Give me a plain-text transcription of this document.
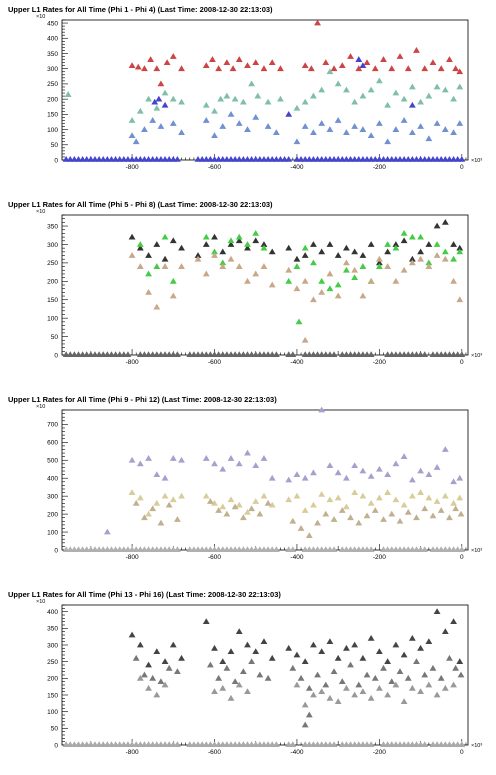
Upper L1 Rates for All Time (Phi 1 - Phi 4) (Last Time: 2008-12-30 22:13:03)
×10
×10³
0
50
100
150
200
250
300
350
400
450
-800	-600	-400	-200	0
Upper L1 Rates for All Time (Phi 5 - Phi 8) (Last Time: 2008-12-30 22:13:03)
×10
×10³
0
50
100
150
200
250
300
350
-800	-600	-400	-200	0
Upper L1 Rates for All Time (Phi 9 - Phi 12) (Last Time: 2008-12-30 22:13:03)
×10
×10³
0
100
200
300
400
500
600
700
-800	-600	-400	-200	0
Upper L1 Rates for All Time (Phi 13 - Phi 16) (Last Time: 2008-12-30 22:13:03)
×10
×10³
0
50
100
150
200
250
300
350
400
-800	-600	-400	-200	0
